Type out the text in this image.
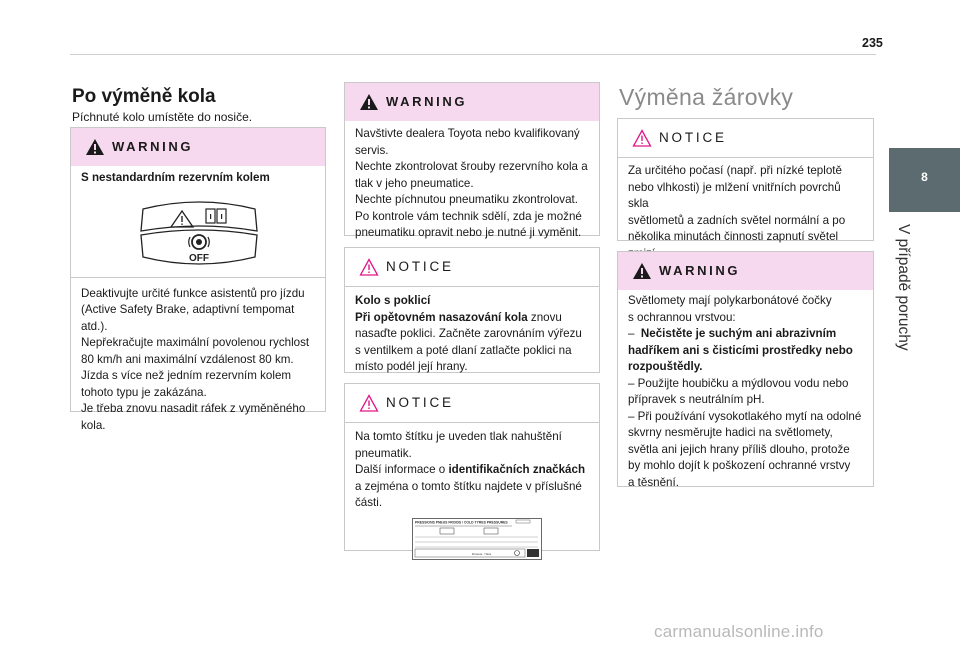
235
8
V případě poruchy
Po výměně kola
Píchnuté kolo umístěte do nosiče.
WARNING

S nestandardním rezervním kolem

OFF

Deaktivujte určité funkce asistentů pro jízdu

(Active Safety Brake, adaptivní tempomat

atd.).

Nepřekračujte maximální povolenou rychlost

80 km/h ani maximální vzdálenost 80 km.

Jízda s více než jedním rezervním kolem

tohoto typu je zakázána.

Je třeba znovu nasadit ráfek z vyměněného

kola.

WARNING

Navštivte dealera Toyota nebo kvalifikovaný

servis.

Nechte zkontrolovat šrouby rezervního kola a

tlak v jeho pneumatice.

Nechte píchnutou pneumatiku zkontrolovat.

Po kontrole vám technik sdělí, zda je možné

pneumatiku opravit nebo je nutné ji vyměnit.

NOTICE

Kolo s poklicí

Při opětovném nasazování kola znovu

nasaďte poklici. Začněte zarovnáním výřezu

s ventilkem a poté dlaní zatlačte poklici na

místo podél její hrany.

NOTICE

Na tomto štítku je uveden tlak nahuštění

pneumatik.

Další informace o identifikačních značkách

a zejména o tomto štítku najdete v příslušné

části.

PRESSIONS PNEUS FROIDS / COLD TYRES PRESSURES
Dimens. / Size
Výměna žárovky
NOTICE

Za určitého počasí (např. při nízké teplotě

nebo vlhkosti) je mlžení vnitřních povrchů skla

světlometů a zadních světel normální a po

několika minutách činnosti zapnutí světel

WARNING

Světlomety mají polykarbonátové čočky

s ochrannou vrstvou:

– Nečistěte je suchým ani abrazivním

hadříkem ani s čisticími prostředky nebo

rozpouštědly.

– Použijte houbičku a mýdlovou vodu nebo

přípravek s neutrálním pH.

– Při používání vysokotlakého mytí na odolné

skvrny nesměrujte hadici na světlomety,

světla ani jejich hrany příliš dlouho, protože

by mohlo dojít k poškození ochranné vrstvy

a těsnění.

carmanualsonline.info
